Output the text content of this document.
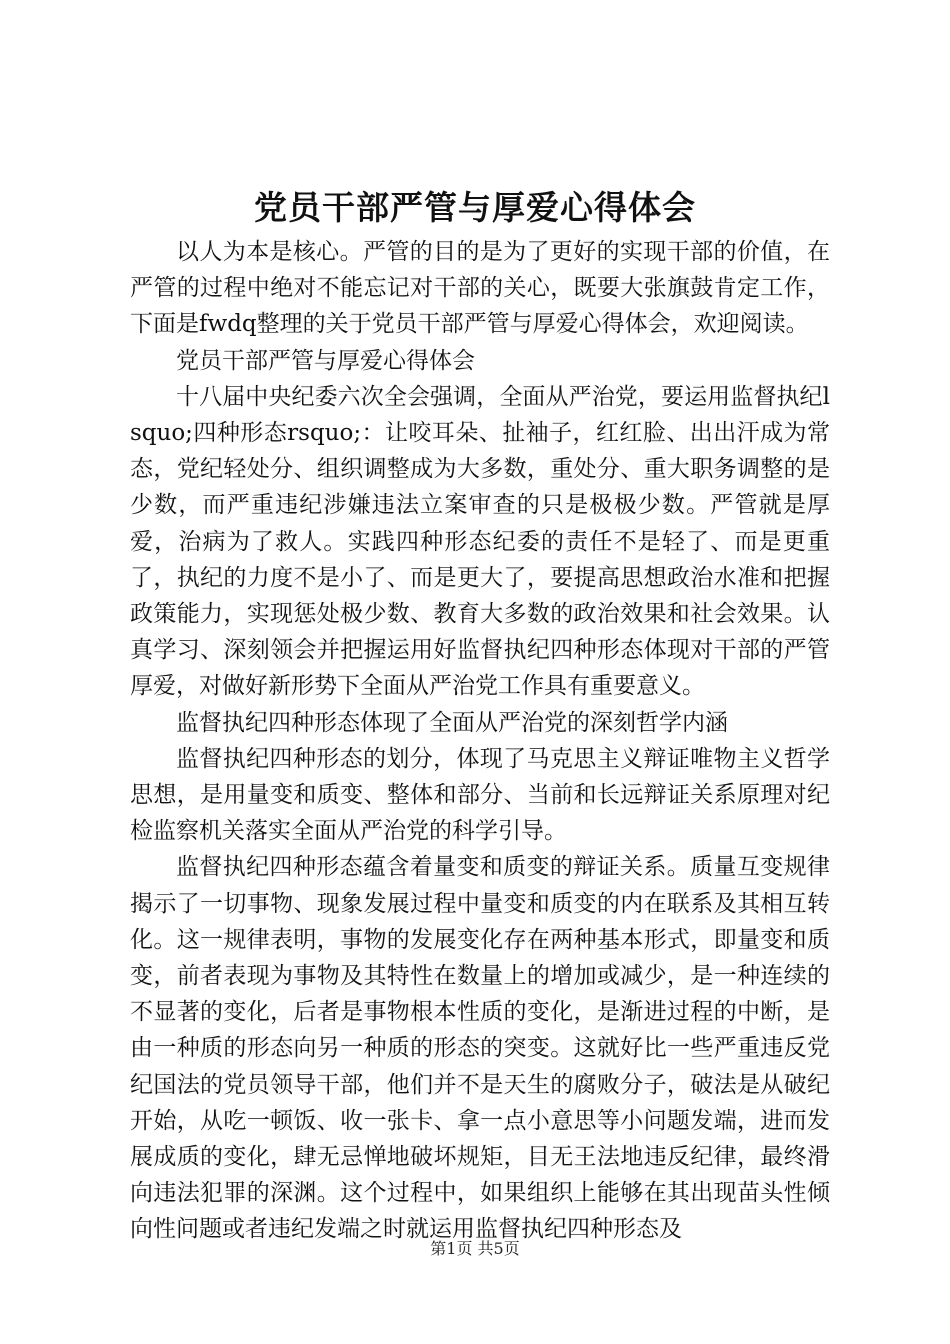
党员干部严管与厚爱心得体会

以人为本是核心。严管的目的是为了更好的实现干部的价值，在严管的过程中绝对不能忘记对干部的关心，既要大张旗鼓肯定工作，下面是fwdq整理的关于党员干部严管与厚爱心得体会，欢迎阅读。

党员干部严管与厚爱心得体会

十八届中央纪委六次全会强调，全面从严治党，要运用监督执纪lsquo;四种形态rsquo;：让咬耳朵、扯袖子，红红脸、出出汗成为常态，党纪轻处分、组织调整成为大多数，重处分、重大职务调整的是少数，而严重违纪涉嫌违法立案审查的只是极极少数。严管就是厚爱，治病为了救人。实践四种形态纪委的责任不是轻了、而是更重了，执纪的力度不是小了、而是更大了，要提高思想政治水准和把握政策能力，实现惩处极少数、教育大多数的政治效果和社会效果。认真学习、深刻领会并把握运用好监督执纪四种形态体现对干部的严管厚爱，对做好新形势下全面从严治党工作具有重要意义。

监督执纪四种形态体现了全面从严治党的深刻哲学内涵

监督执纪四种形态的划分，体现了马克思主义辩证唯物主义哲学思想，是用量变和质变、整体和部分、当前和长远辩证关系原理对纪检监察机关落实全面从严治党的科学引导。

监督执纪四种形态蕴含着量变和质变的辩证关系。质量互变规律揭示了一切事物、现象发展过程中量变和质变的内在联系及其相互转化。这一规律表明，事物的发展变化存在两种基本形式，即量变和质变，前者表现为事物及其特性在数量上的增加或减少，是一种连续的不显著的变化，后者是事物根本性质的变化，是渐进过程的中断，是由一种质的形态向另一种质的形态的突变。这就好比一些严重违反党纪国法的党员领导干部，他们并不是天生的腐败分子，破法是从破纪开始，从吃一顿饭、收一张卡、拿一点小意思等小问题发端，进而发展成质的变化，肆无忌惮地破坏规矩，目无王法地违反纪律，最终滑向违法犯罪的深渊。这个过程中，如果组织上能够在其出现苗头性倾向性问题或者违纪发端之时就运用监督执纪四种形态及

第1页 共5页
